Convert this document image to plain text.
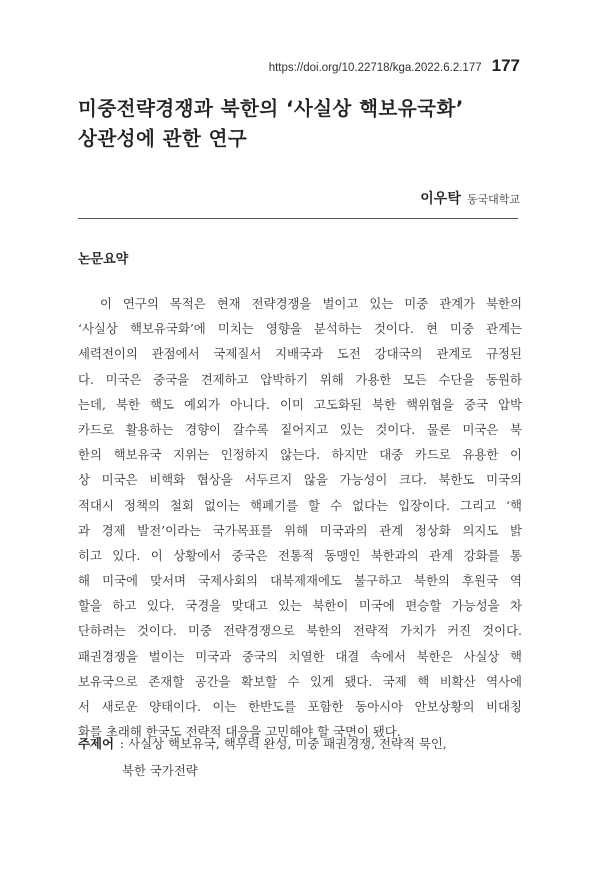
https://doi.org/10.22718/kga.2022.6.2.177 177
미중전략경쟁과 북한의 ‘사실상 핵보유국화’
상관성에 관한 연구
이우탁 동국대학교
논문요약
이 연구의 목적은 현재 전략경쟁을 벌이고 있는 미중 관계가 북한의
‘사실상 핵보유국화’에 미치는 영향을 분석하는 것이다. 현 미중 관계는
세력전이의 관점에서 국제질서 지배국과 도전 강대국의 관계로 규정된
다. 미국은 중국을 견제하고 압박하기 위해 가용한 모든 수단을 동원하
는데, 북한 핵도 예외가 아니다. 이미 고도화된 북한 핵위협을 중국 압박
카드로 활용하는 경향이 갈수록 짙어지고 있는 것이다. 물론 미국은 북
한의 핵보유국 지위는 인정하지 않는다. 하지만 대중 카드로 유용한 이
상 미국은 비핵화 협상을 서두르지 않을 가능성이 크다. 북한도 미국의
적대시 정책의 철회 없이는 핵폐기를 할 수 없다는 입장이다. 그리고 ‘핵
과 경제 발전’이라는 국가목표를 위해 미국과의 관계 정상화 의지도 밝
히고 있다. 이 상황에서 중국은 전통적 동맹인 북한과의 관계 강화를 통
해 미국에 맞서며 국제사회의 대북제재에도 불구하고 북한의 후원국 역
할을 하고 있다. 국경을 맞대고 있는 북한이 미국에 편승할 가능성을 차
단하려는 것이다. 미중 전략경쟁으로 북한의 전략적 가치가 커진 것이다.
패권경쟁을 벌이는 미국과 중국의 치열한 대결 속에서 북한은 사실상 핵
보유국으로 존재할 공간을 확보할 수 있게 됐다. 국제 핵 비확산 역사에
서 새로운 양태이다. 이는 한반도를 포함한 동아시아 안보상황의 비대칭
화를 초래해 한국도 전략적 대응을 고민해야 할 국면이 됐다.
주제어 : 사실상 핵보유국, 핵무력 완성, 미중 패권경쟁, 전략적 묵인,
북한 국가전략
